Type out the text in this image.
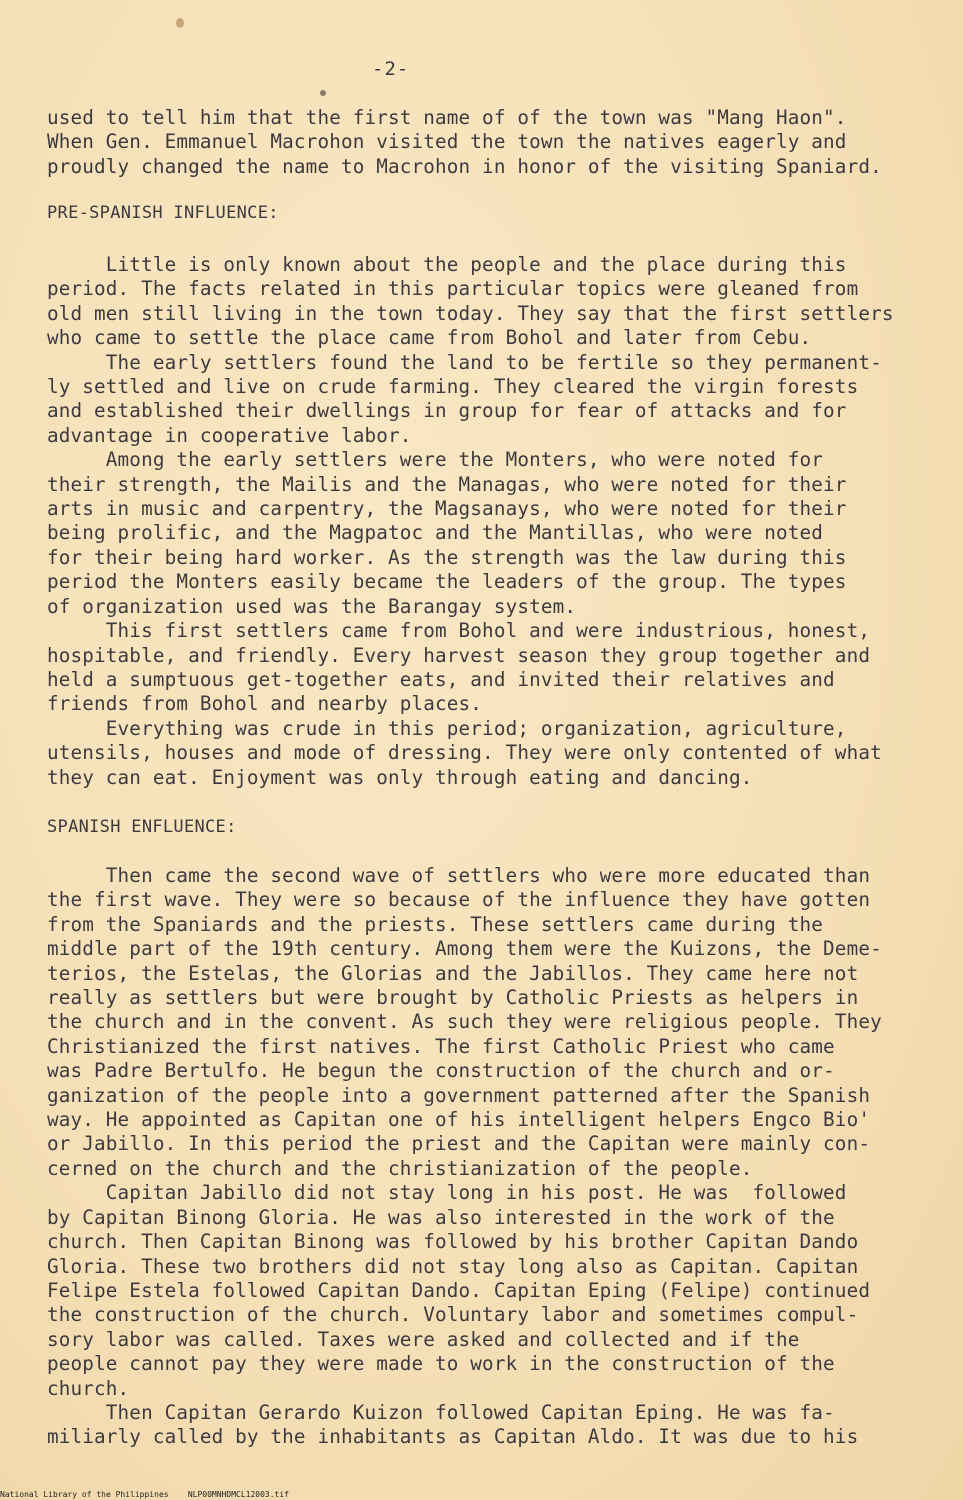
-2-
used to tell him that the first name of of the town was "Mang Haon".
When Gen. Emmanuel Macrohon visited the town the natives eagerly and
proudly changed the name to Macrohon in honor of the visiting Spaniard.
PRE-SPANISH INFLUENCE:
Little is only known about the people and the place during this
period. The facts related in this particular topics were gleaned from
old men still living in the town today. They say that the first settlers
who came to settle the place came from Bohol and later from Cebu.
The early settlers found the land to be fertile so they permanent-
ly settled and live on crude farming. They cleared the virgin forests
and established their dwellings in group for fear of attacks and for
advantage in cooperative labor.
Among the early settlers were the Monters, who were noted for
their strength, the Mailis and the Managas, who were noted for their
arts in music and carpentry, the Magsanays, who were noted for their
being prolific, and the Magpatoc and the Mantillas, who were noted
for their being hard worker. As the strength was the law during this
period the Monters easily became the leaders of the group. The types
of organization used was the Barangay system.
This first settlers came from Bohol and were industrious, honest,
hospitable, and friendly. Every harvest season they group together and
held a sumptuous get-together eats, and invited their relatives and
friends from Bohol and nearby places.
Everything was crude in this period; organization, agriculture,
utensils, houses and mode of dressing. They were only contented of what
they can eat. Enjoyment was only through eating and dancing.
SPANISH ENFLUENCE:
Then came the second wave of settlers who were more educated than
the first wave. They were so because of the influence they have gotten
from the Spaniards and the priests. These settlers came during the
middle part of the 19th century. Among them were the Kuizons, the Deme-
terios, the Estelas, the Glorias and the Jabillos. They came here not
really as settlers but were brought by Catholic Priests as helpers in
the church and in the convent. As such they were religious people. They
Christianized the first natives. The first Catholic Priest who came
was Padre Bertulfo. He begun the construction of the church and or-
ganization of the people into a government patterned after the Spanish
way. He appointed as Capitan one of his intelligent helpers Engco Bio'
or Jabillo. In this period the priest and the Capitan were mainly con-
cerned on the church and the christianization of the people.
Capitan Jabillo did not stay long in his post. He was  followed
by Capitan Binong Gloria. He was also interested in the work of the
church. Then Capitan Binong was followed by his brother Capitan Dando
Gloria. These two brothers did not stay long also as Capitan. Capitan
Felipe Estela followed Capitan Dando. Capitan Eping (Felipe) continued
the construction of the church. Voluntary labor and sometimes compul-
sory labor was called. Taxes were asked and collected and if the
people cannot pay they were made to work in the construction of the
church.
Then Capitan Gerardo Kuizon followed Capitan Eping. He was fa-
miliarly called by the inhabitants as Capitan Aldo. It was due to his
National Library of the Philippines NLP00MNHDMCL12003.tif
